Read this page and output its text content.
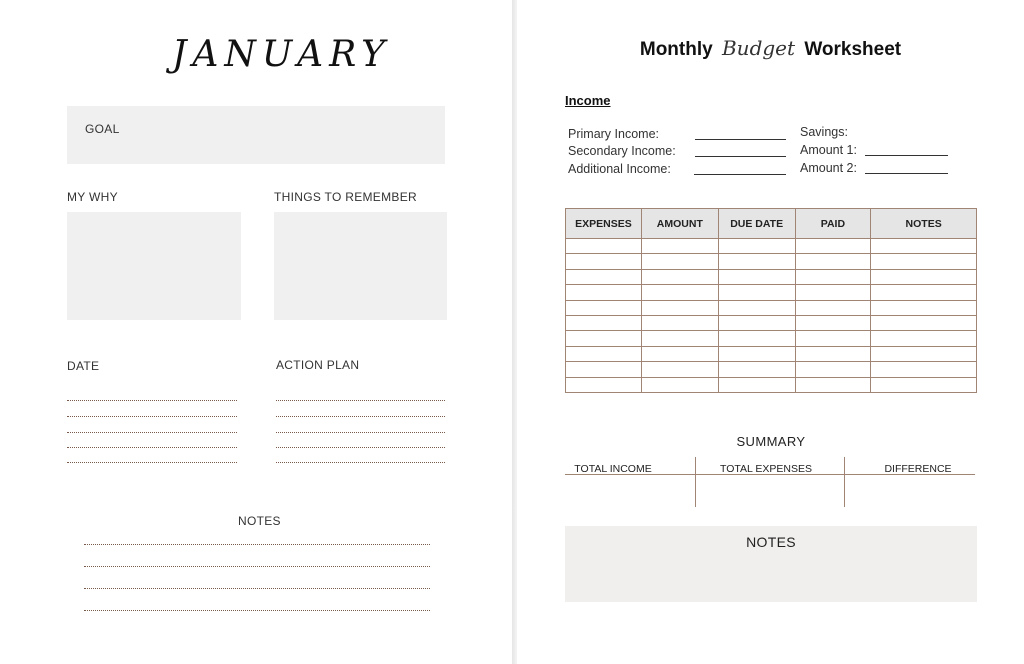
JANUARY
GOAL
MY WHY	THINGS TO REMEMBER
DATE	ACTION PLAN
NOTES
Monthly Budget Worksheet
Income
Primary Income:
Secondary Income:
Additional Income:
Savings:
Amount 1:
Amount 2:
EXPENSES	AMOUNT	DUE DATE	PAID	NOTES

SUMMARY
TOTAL INCOME	TOTAL EXPENSES	DIFFERENCE
NOTES
